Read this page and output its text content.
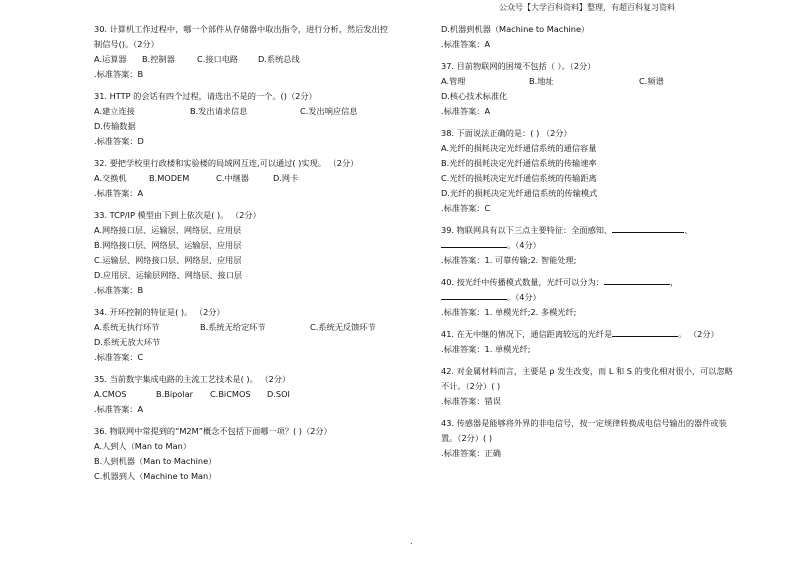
公众号【大学百科资料】整理，有超百科复习资料
30. 计算机工作过程中，哪一个部件从存储器中取出指令，进行分析，然后发出控
制信号()。（2分）
A.运算器	B.控制器	C.接口电路	D.系统总线
.标准答案：B
31. HTTP 的会话有四个过程，请选出不是的一个。()（2分）
A.建立连接	B.发出请求信息	C.发出响应信息
D.传输数据
.标准答案：D
32. 要把学校里行政楼和实验楼的局域网互连,可以通过( )实现。 （2分）
A.交换机	B.MODEM	C.中继器	D.网卡
.标准答案：A
33. TCP/IP 模型由下到上依次是( )。 （2分）
A.网络接口层、运输层、网络层、应用层
B.网络接口层、网络层、运输层、应用层
C.运输层、网络接口层、网络层、应用层
D.应用层、运输层网络、网络层、接口层
.标准答案：B
34. 开环控制的特征是( )。 （2分）
A.系统无执行环节	B.系统无给定环节	C.系统无反馈环节
D.系统无放大环节
.标准答案：C
35. 当前数字集成电路的主流工艺技术是( )。 （2分）
A.CMOS	B.Bipolar	C.BiCMOS	D.SOI
.标准答案：A
36. 物联网中常提到的“M2M”概念不包括下面哪一项？( )（2分）
A.人到人（Man to Man）
B.人到机器（Man to Machine）
C.机器到人（Machine to Man）
D.机器到机器（Machine to Machine）
.标准答案：A
37. 目前物联网的困境不包括（ ）。（2分）
A.管理	B.地址	C.频谱
D.核心技术标准化
.标准答案：A
38. 下面说法正确的是：( ) （2分）
A.光纤的损耗决定光纤通信系统的通信容量
B.光纤的损耗决定光纤通信系统的传输速率
C.光纤的损耗决定光纤通信系统的传输距离
D.光纤的损耗决定光纤通信系统的传输模式
.标准答案：C
39. 物联网具有以下三点主要特征：全面感知、	、
。（4分）
.标准答案：1. 可靠传输;2. 智能处理;
40. 按光纤中传播模式数量，光纤可以分为：	，
。（4分）
.标准答案：1. 单模光纤;2. 多模光纤;
41. 在无中继的情况下，通信距离较远的光纤是	。 （2分）
.标准答案：1. 单模光纤;
42. 对金属材料而言，主要是 ρ 发生改变，而 L 和 S 的变化相对很小，可以忽略
不计。（2分）( )
.标准答案：错误
43. 传感器是能够将外界的非电信号，按一定规律转换成电信号输出的器件或装
置。（2分）( )
.标准答案：正确
.
